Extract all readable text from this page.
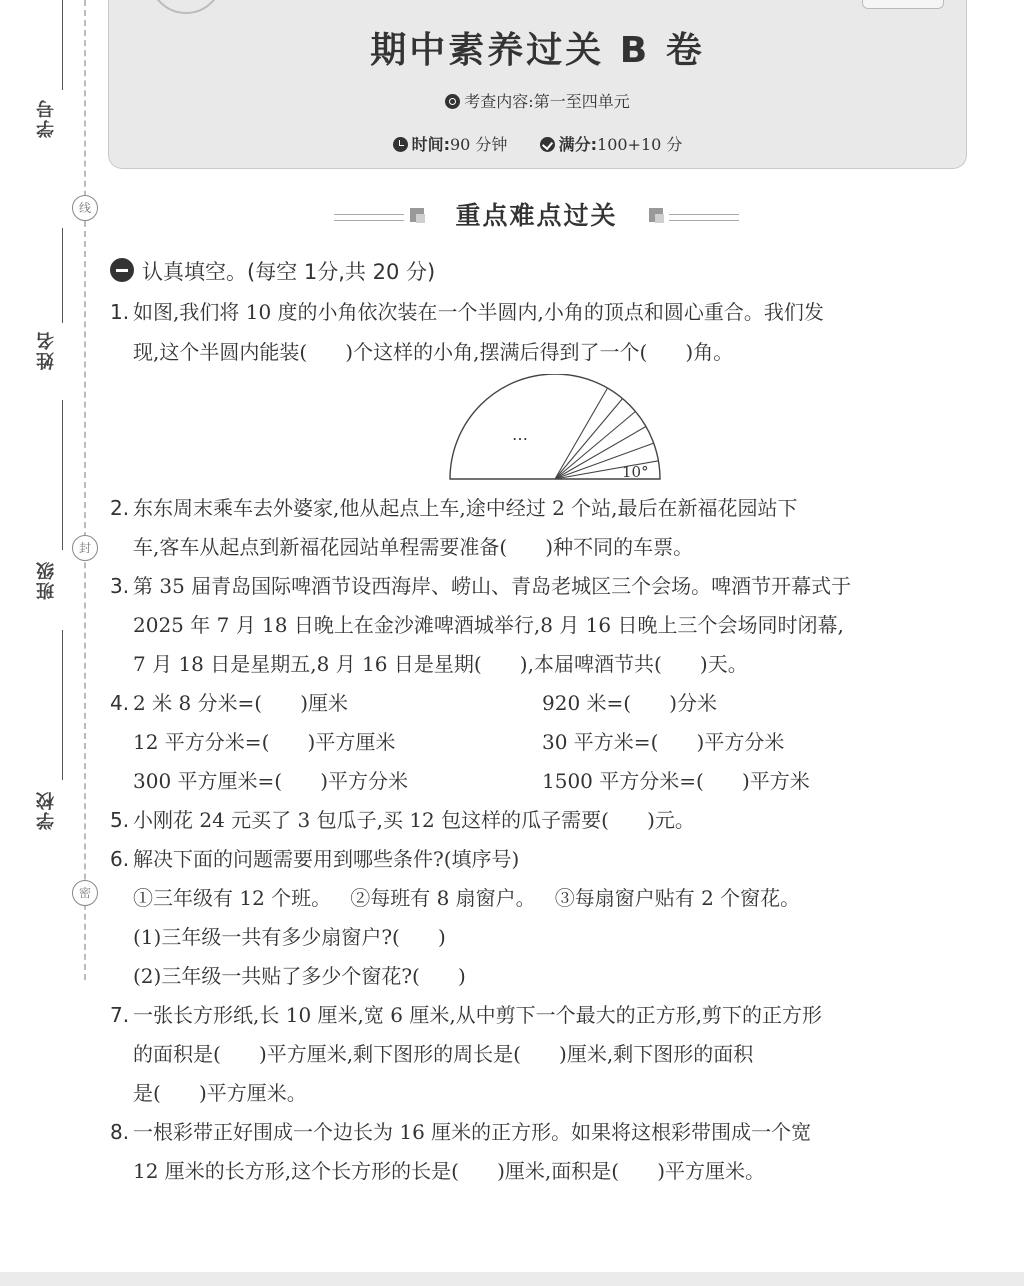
学号
线
姓名
封
班级
学校
密
期中素养过关 B 卷
考查内容:第一至四单元
时间:90 分钟	满分:100+10 分
重点难点过关
认真填空。(每空 1分,共 20 分)
1. 如图,我们将 10 度的小角依次装在一个半圆内,小角的顶点和圆心重合。我们发
现,这个半圆内能装(      )个这样的小角,摆满后得到了一个(      )角。
…
10°
2. 东东周末乘车去外婆家,他从起点上车,途中经过 2 个站,最后在新福花园站下
车,客车从起点到新福花园站单程需要准备(      )种不同的车票。
3. 第 35 届青岛国际啤酒节设西海岸、崂山、青岛老城区三个会场。啤酒节开幕式于
2025 年 7 月 18 日晚上在金沙滩啤酒城举行,8 月 16 日晚上三个会场同时闭幕,
7 月 18 日是星期五,8 月 16 日是星期(      ),本届啤酒节共(      )天。
4. 2 米 8 分米=(      )厘米	920 米=(      )分米
12 平方分米=(      )平方厘米	30 平方米=(      )平方分米
300 平方厘米=(      )平方分米	1500 平方分米=(      )平方米
5. 小刚花 24 元买了 3 包瓜子,买 12 包这样的瓜子需要(      )元。
6. 解决下面的问题需要用到哪些条件?(填序号)
①三年级有 12 个班。   ②每班有 8 扇窗户。   ③每扇窗户贴有 2 个窗花。
(1)三年级一共有多少扇窗户?(      )
(2)三年级一共贴了多少个窗花?(      )
7. 一张长方形纸,长 10 厘米,宽 6 厘米,从中剪下一个最大的正方形,剪下的正方形
的面积是(      )平方厘米,剩下图形的周长是(      )厘米,剩下图形的面积
是(      )平方厘米。
8. 一根彩带正好围成一个边长为 16 厘米的正方形。如果将这根彩带围成一个宽
12 厘米的长方形,这个长方形的长是(      )厘米,面积是(      )平方厘米。
